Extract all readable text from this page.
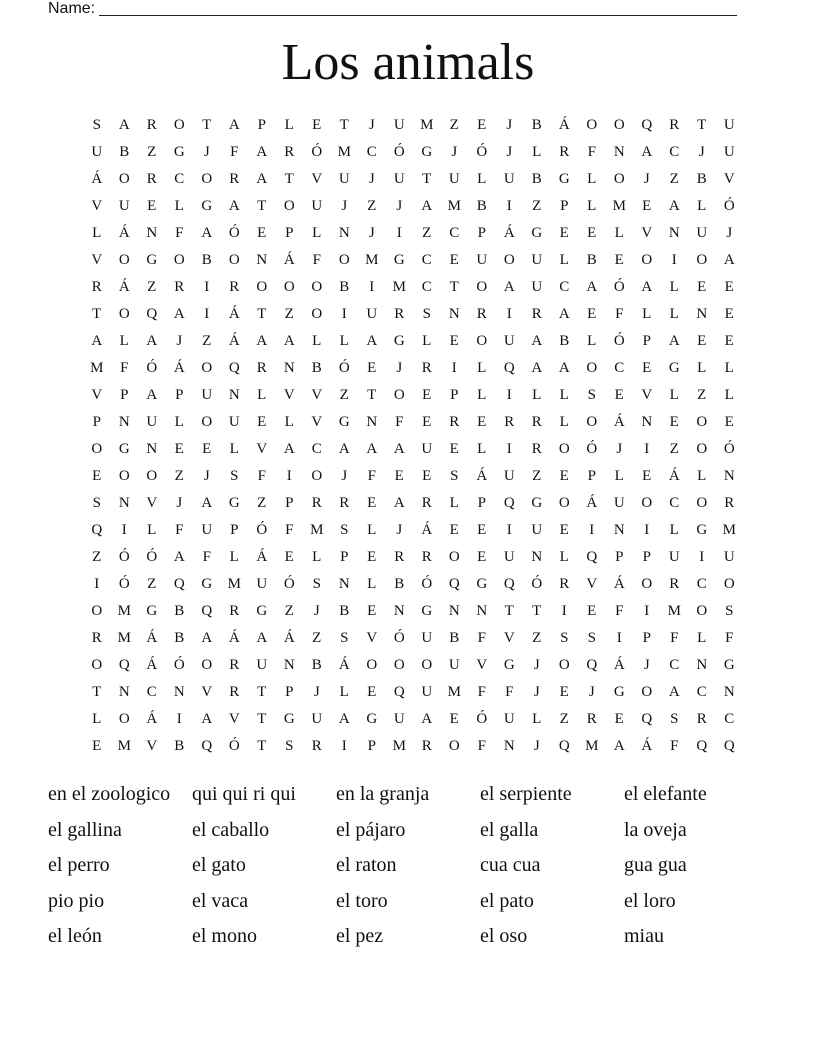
Name:
Los animals
S	A	R	O	T	A	P	L	E	T	J	U	M	Z	E	J	B	Á	O	O	Q	R	T	U
U	B	Z	G	J	F	A	R	Ó	M	C	Ó	G	J	Ó	J	L	R	F	N	A	C	J	U
Á	O	R	C	O	R	A	T	V	U	J	U	T	U	L	U	B	G	L	O	J	Z	B	V
V	U	E	L	G	A	T	O	U	J	Z	J	A	M	B	I	Z	P	L	M	E	A	L	Ó
L	Á	N	F	A	Ó	E	P	L	N	J	I	Z	C	P	Á	G	E	E	L	V	N	U	J
V	O	G	O	B	O	N	Á	F	O	M	G	C	E	U	O	U	L	B	E	O	I	O	A
R	Á	Z	R	I	R	O	O	O	B	I	M	C	T	O	A	U	C	A	Ó	A	L	E	E
T	O	Q	A	I	Á	T	Z	O	I	U	R	S	N	R	I	R	A	E	F	L	L	N	E
A	L	A	J	Z	Á	A	A	L	L	A	G	L	E	O	U	A	B	L	Ó	P	A	E	E
M	F	Ó	Á	O	Q	R	N	B	Ó	E	J	R	I	L	Q	A	A	O	C	E	G	L	L
V	P	A	P	U	N	L	V	V	Z	T	O	E	P	L	I	L	L	S	E	V	L	Z	L
P	N	U	L	O	U	E	L	V	G	N	F	E	R	E	R	R	L	O	Á	N	E	O	E
O	G	N	E	E	L	V	A	C	A	A	A	U	E	L	I	R	O	Ó	J	I	Z	O	Ó
E	O	O	Z	J	S	F	I	O	J	F	E	E	S	Á	U	Z	E	P	L	E	Á	L	N
S	N	V	J	A	G	Z	P	R	R	E	A	R	L	P	Q	G	O	Á	U	O	C	O	R
Q	I	L	F	U	P	Ó	F	M	S	L	J	Á	E	E	I	U	E	I	N	I	L	G	M
Z	Ó	Ó	A	F	L	Á	E	L	P	E	R	R	O	E	U	N	L	Q	P	P	U	I	U
I	Ó	Z	Q	G	M	U	Ó	S	N	L	B	Ó	Q	G	Q	Ó	R	V	Á	O	R	C	O
O	M	G	B	Q	R	G	Z	J	B	E	N	G	N	N	T	T	I	E	F	I	M	O	S
R	M	Á	B	A	Á	A	Á	Z	S	V	Ó	U	B	F	V	Z	S	S	I	P	F	L	F
O	Q	Á	Ó	O	R	U	N	B	Á	O	O	O	U	V	G	J	O	Q	Á	J	C	N	G
T	N	C	N	V	R	T	P	J	L	E	Q	U	M	F	F	J	E	J	G	O	A	C	N
L	O	Á	I	A	V	T	G	U	A	G	U	A	E	Ó	U	L	Z	R	E	Q	S	R	C
E	M	V	B	Q	Ó	T	S	R	I	P	M	R	O	F	N	J	Q	M	A	Á	F	Q	Q
en el zoologico	qui qui ri qui	en la granja	el serpiente	el elefante
el gallina	el caballo	el pájaro	el galla	la oveja
el perro	el gato	el raton	cua cua	gua gua
pio pio	el vaca	el toro	el pato	el loro
el león	el mono	el pez	el oso	miau
